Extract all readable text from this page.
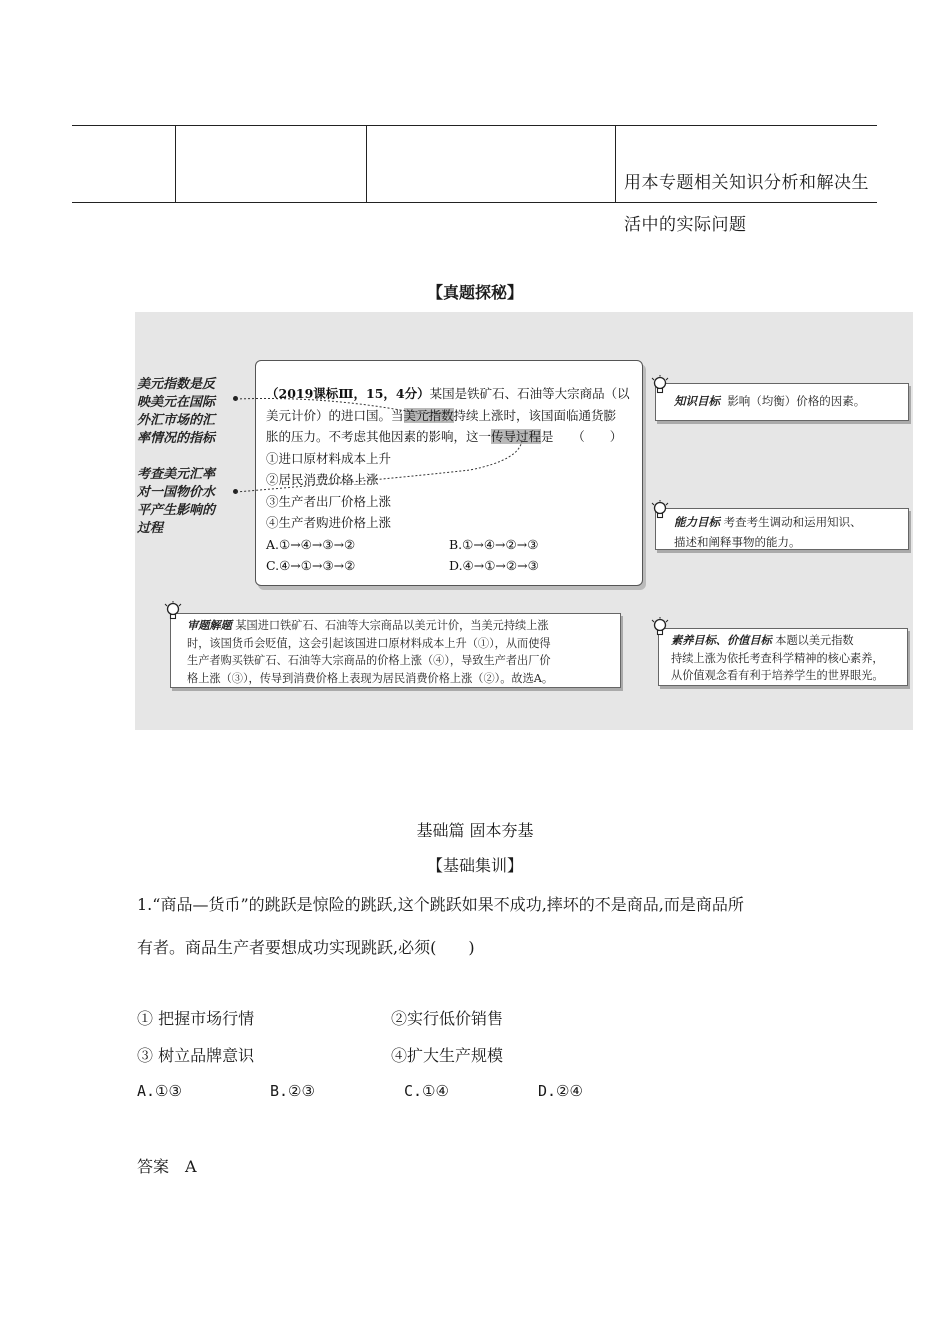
用本专题相关知识分析和解决生
活中的实际问题
【真题探秘】
美元指数是反
映美元在国际
外汇市场的汇
率情况的指标
考查美元汇率
对一国物价水
平产生影响的
过程
（2019课标Ⅲ，15，4分）某国是铁矿石、石油等大宗商品（以
美元计价）的进口国。当美元指数持续上涨时，该国面临通货膨
胀的压力。不考虑其他因素的影响，这一传导过程是　　（　　）
①进口原材料成本上升
②居民消费价格上涨
③生产者出厂价格上涨
④生产者购进价格上涨
A.①→④→③→②	B.①→④→②→③
C.④→①→③→②	D.④→①→②→③
知识目标 影响（均衡）价格的因素。
能力目标 考查考生调动和运用知识、
描述和阐释事物的能力。
审题解题 某国进口铁矿石、石油等大宗商品以美元计价，当美元持续上涨
时，该国货币会贬值，这会引起该国进口原材料成本上升（①），从而使得
生产者购买铁矿石、石油等大宗商品的价格上涨（④），导致生产者出厂价
格上涨（③），传导到消费价格上表现为居民消费价格上涨（②）。故选A。
素养目标、价值目标 本题以美元指数
持续上涨为依托考查科学精神的核心素养，
从价值观念看有利于培养学生的世界眼光。
基础篇 固本夯基
【基础集训】
1.“商品—货币”的跳跃是惊险的跳跃,这个跳跃如果不成功,摔坏的不是商品,而是商品所
有者。商品生产者要想成功实现跳跃,必须(　　)
① 把握市场行情	②实行低价销售
③ 树立品牌意识	④扩大生产规模
A.①③	B.②③	C.①④	D.②④
答案　A
